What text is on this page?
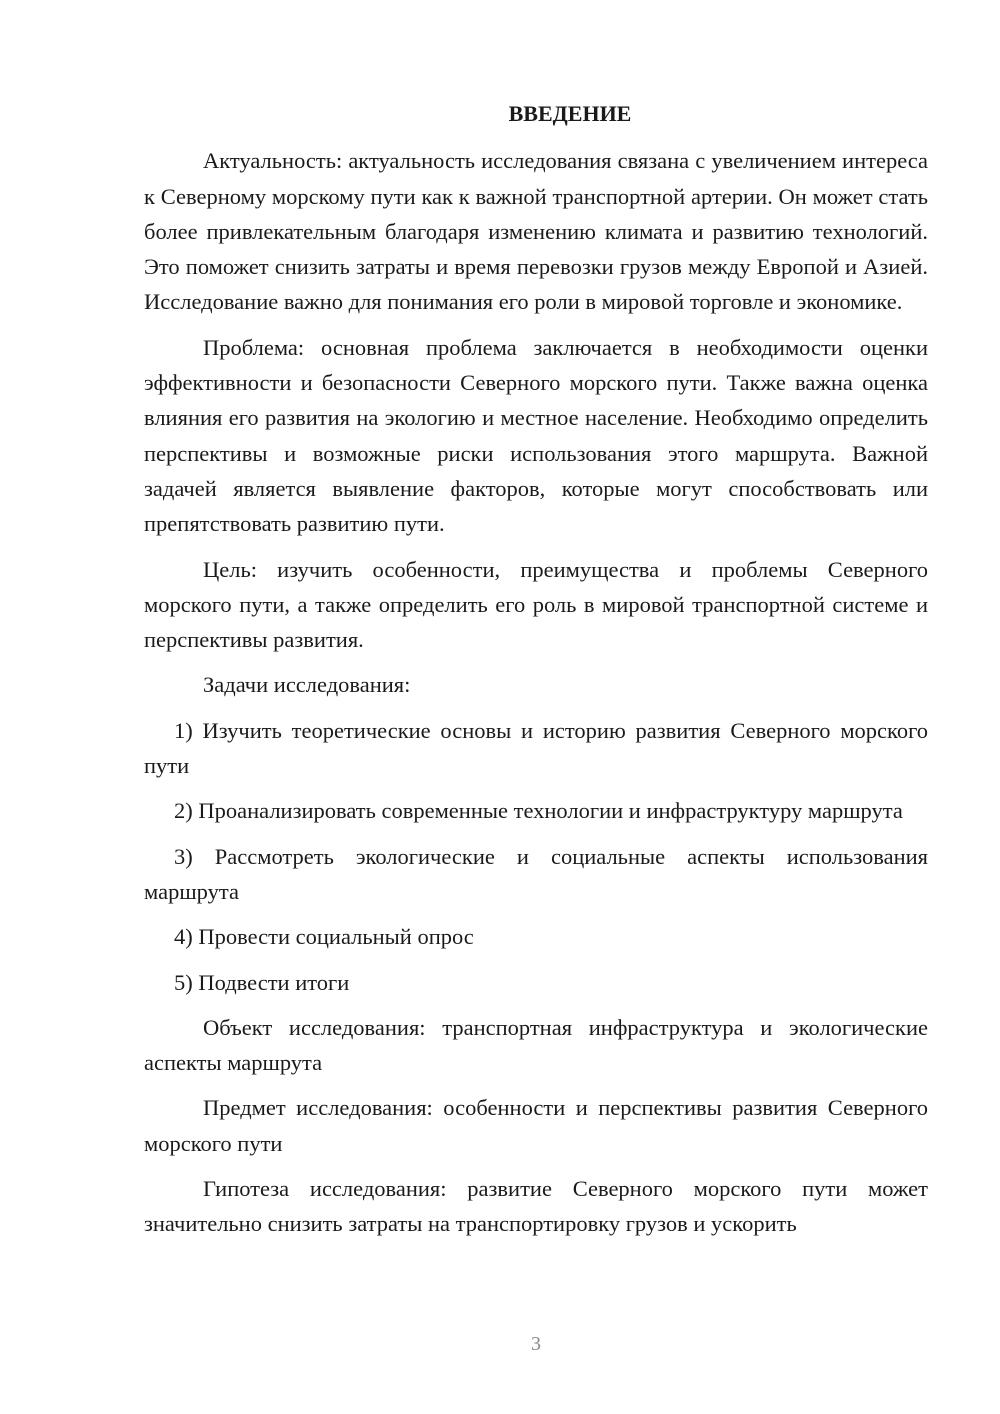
ВВЕДЕНИЕ

Актуальность: актуальность исследования связана с увеличением интереса к Северному морскому пути как к важной транспортной артерии. Он может стать более привлекательным благодаря изменению климата и развитию технологий. Это поможет снизить затраты и время перевозки грузов между Европой и Азией. Исследование важно для понимания его роли в мировой торговле и экономике.

Проблема: основная проблема заключается в необходимости оценки эффективности и безопасности Северного морского пути. Также важна оценка влияния его развития на экологию и местное население. Необходимо определить перспективы и возможные риски использования этого маршрута. Важной задачей является выявление факторов, которые могут способствовать или препятствовать развитию пути.

Цель: изучить особенности, преимущества и проблемы Северного морского пути, а также определить его роль в мировой транспортной системе и перспективы развития.

Задачи исследования:

1) Изучить теоретические основы и историю развития Северного морского пути

2) Проанализировать современные технологии и инфраструктуру маршрута

3) Рассмотреть экологические и социальные аспекты использования маршрута

4) Провести социальный опрос

5) Подвести итоги

Объект исследования: транспортная инфраструктура и экологические аспекты маршрута

Предмет исследования: особенности и перспективы развития Северного морского пути

Гипотеза исследования: развитие Северного морского пути может значительно снизить затраты на транспортировку грузов и ускорить

3
